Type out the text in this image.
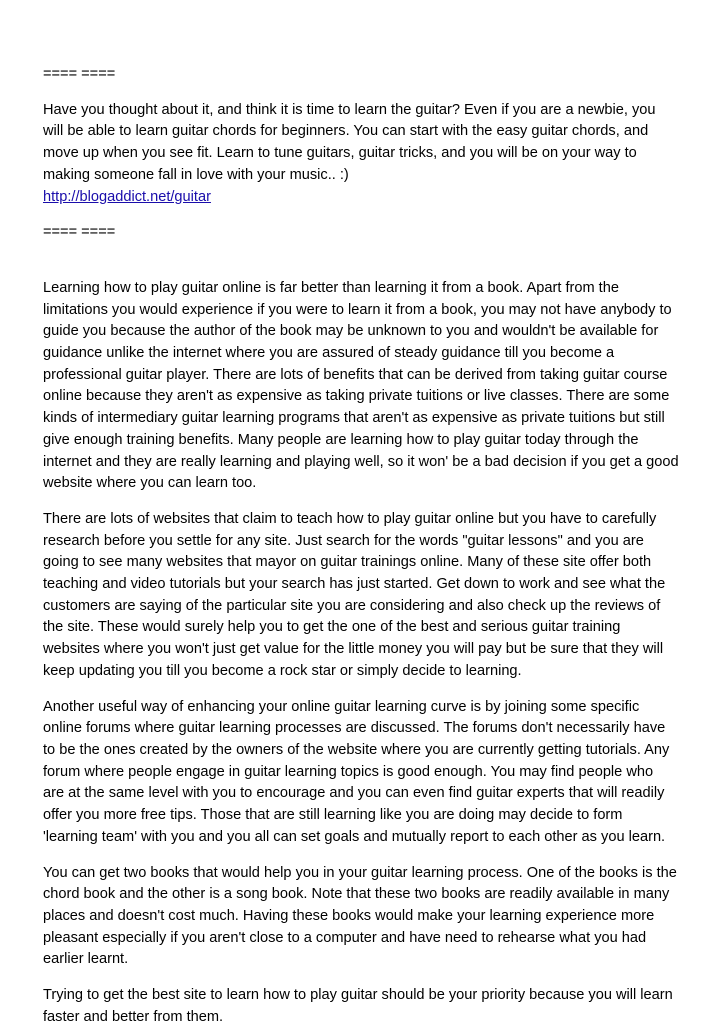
==== ====
Have you thought about it, and think it is time to learn the guitar? Even if you are a newbie, you
will be able to learn guitar chords for beginners. You can start with the easy guitar chords, and
move up when you see fit. Learn to tune guitars, guitar tricks, and you will be on your way to
making someone fall in love with your music.. :)
http://blogaddict.net/guitar
==== ====
Learning how to play guitar online is far better than learning it from a book. Apart from the
limitations you would experience if you were to learn it from a book, you may not have anybody to
guide you because the author of the book may be unknown to you and wouldn't be available for
guidance unlike the internet where you are assured of steady guidance till you become a
professional guitar player. There are lots of benefits that can be derived from taking guitar course
online because they aren't as expensive as taking private tuitions or live classes. There are some
kinds of intermediary guitar learning programs that aren't as expensive as private tuitions but still
give enough training benefits. Many people are learning how to play guitar today through the
internet and they are really learning and playing well, so it won' be a bad decision if you get a good
website where you can learn too.
There are lots of websites that claim to teach how to play guitar online but you have to carefully
research before you settle for any site. Just search for the words "guitar lessons" and you are
going to see many websites that mayor on guitar trainings online. Many of these site offer both
teaching and video tutorials but your search has just started. Get down to work and see what the
customers are saying of the particular site you are considering and also check up the reviews of
the site. These would surely help you to get the one of the best and serious guitar training
websites where you won't just get value for the little money you will pay but be sure that they will
keep updating you till you become a rock star or simply decide to learning.
Another useful way of enhancing your online guitar learning curve is by joining some specific
online forums where guitar learning processes are discussed. The forums don't necessarily have
to be the ones created by the owners of the website where you are currently getting tutorials. Any
forum where people engage in guitar learning topics is good enough. You may find people who
are at the same level with you to encourage and you can even find guitar experts that will readily
offer you more free tips. Those that are still learning like you are doing may decide to form
'learning team' with you and you all can set goals and mutually report to each other as you learn.
You can get two books that would help you in your guitar learning process. One of the books is the
chord book and the other is a song book. Note that these two books are readily available in many
places and doesn't cost much. Having these books would make your learning experience more
pleasant especially if you aren't close to a computer and have need to rehearse what you had
earlier learnt.
Trying to get the best site to learn how to play guitar should be your priority because you will learn
faster and better from them.
